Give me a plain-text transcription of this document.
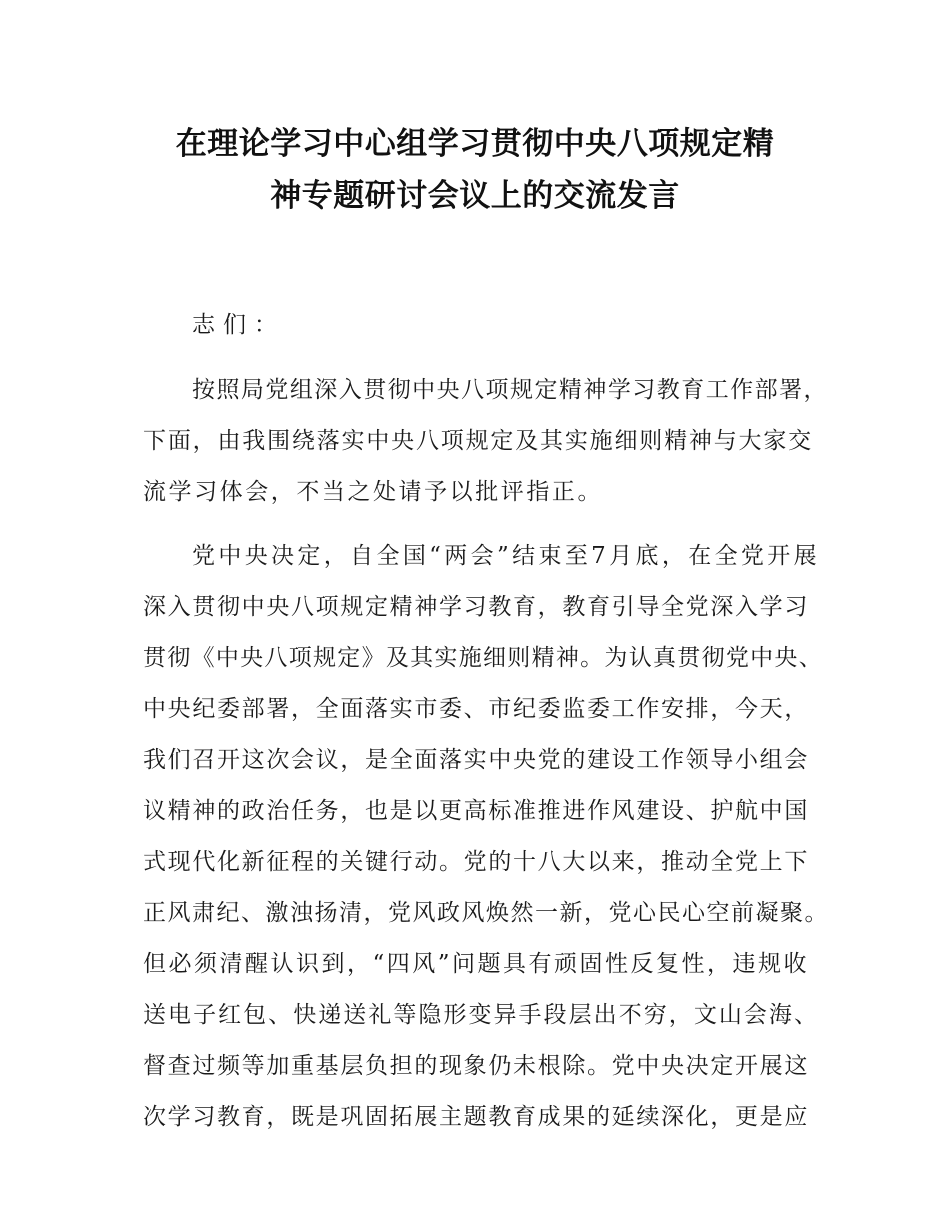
在理论学习中心组学习贯彻中央八项规定精
神专题研讨会议上的交流发言
志们：
按照局党组深入贯彻中央八项规定精神学习教育工作部署，
下面，由我围绕落实中央八项规定及其实施细则精神与大家交
流学习体会，不当之处请予以批评指正。
党中央决定，自全国“两会”结束至7月底，在全党开展
深入贯彻中央八项规定精神学习教育，教育引导全党深入学习
贯彻《中央八项规定》及其实施细则精神。为认真贯彻党中央、
中央纪委部署，全面落实市委、市纪委监委工作安排，今天，
我们召开这次会议，是全面落实中央党的建设工作领导小组会
议精神的政治任务，也是以更高标准推进作风建设、护航中国
式现代化新征程的关键行动。党的十八大以来，推动全党上下
正风肃纪、激浊扬清，党风政风焕然一新，党心民心空前凝聚。
但必须清醒认识到，“四风”问题具有顽固性反复性，违规收
送电子红包、快递送礼等隐形变异手段层出不穷，文山会海、
督查过频等加重基层负担的现象仍未根除。党中央决定开展这
次学习教育，既是巩固拓展主题教育成果的延续深化，更是应
